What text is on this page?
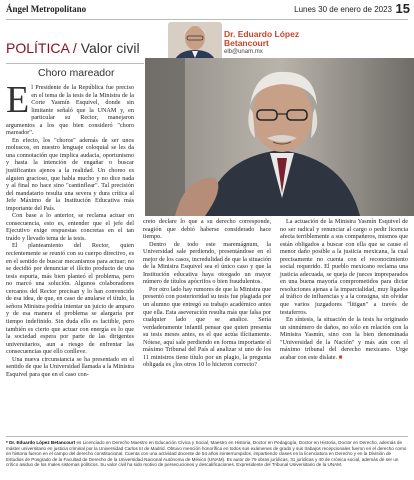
Ángel Metropolitano	Lunes 30 de enero de 2023 15
POLÍTICA / Valor civil
Dr. Eduardo López Betancourt
elb@unam.mx
Choro mareador
E l Presidente de la República fue preciso en el tema de la tesis de la Ministra de la Corte Yasmín Esquivel, donde sin limitante señaló que la UNAM y, en particular su Rector, manejaron argumentos a los que bien consideró "choro mareador".

En efecto, los "choros" además de ser unos moluscos, en nuestro lenguaje coloquial se les da una connotación que implica audacia, oportunismo y hasta la intención de engañar o buscar justificantes ajenos a la realidad. Un choreo es alguien gracioso, que habla mucho y no dice nada y al final no hace sino "cantinflear". Tal precisión del mandatario resulta una severa y dura crítica al Jefe Máximo de la Institución Educativa más importante del País.

Con base a lo anterior, se reclama actuar en consecuencia, esto es, entender que el jefe del Ejecutivo exige respuestas concretas en el tan traído y llevado tema de la tesis.

El planteamiento del Rector, quien recientemente se reunió con su cuerpo directivo, es en el sentido de buscar mecanismos para actuar; no se decidió por denunciar el ilícito producto de una tesis espuria, más bien planteó el problema, pero no marcó una solución. Algunos colaboradores cercanos del Rector precisan y lo han convencido de esa idea, de que, en caso de anularse el título, la señora Ministra podría intentar un juicio de amparo y de esa manera el problema se alargaría por tiempo indefinido. Sin duda ello es factible, pero también es cierto que actuar con energía es lo que la sociedad espera por parte de las dirigentes universitarios, aun a riesgo de enfrentar las consecuencias que ello conlleve.

Una nueva circunstancia se ha presentado en el sentido de que la Universidad llamada a la Ministra Esquivel para que en el caso con-

creto declare lo que a su derecho corresponde, reagión que debió haberse considerado hace tiempo.

Dentro de todo este maremágnum, la Universidad sale perdiendo, presentándose en el mejor de los casos, incredulidad de que la situación de la Ministra Esquivel sea el único caso y que la Institución educativa haya otorgado un mayor número de títulos apócrifos o bien fraudulentos.

Por otro lado hay rumores de que la Ministra que presentó con posterioridad su tesis fue plagiada por un alumno que entregó su trabajo académico antes que ella. Esta aseveración resulta más que falsa por cualquier lado que se analice. Sería verdaderamente infantil pensar que quien presenta su tesis meses antes, es el que actúa ilícitamente. Nótese, aquí sale perdiendo en forma importante el máximo Tribunal del País al analizar si uno de los 11 ministros tiene título por un plagio, la pregunta obligada es ¿los otros 10 lo hicieron correcto?

La actuación de la Ministra Yasmín Esquivel de no ser radical y renunciar al cargo o pedir licencia afecta terriblemente a sus compañeros, mismos que están obligados a buscar con ella que se cause el menor daño posible a la justicia mexicana, la cual precisamente no cuenta con el reconocimiento social requerido. El pueblo mexicano reclama una justicia adecuada, se queja de jueces impreparados en una buena mayoría comprometidos para dictar resoluciones ajenas a la imparcialidad, muy ligados al tráfico de influencias y a la consigna, sin olvidar que varios juzgadores "litigan" a través de testaferros.

En síntesis, la situación de la tesis ha originado un sinnúmero de daños, no sólo en relación con la Ministra Yasmín, sino con la bien denominada "Universidad de la Nación" y más aún con el máximo tribunal del derecho mexicano. Urge acabar con este dislate. ■

* Dr. Eduardo López Betancourt es Licenciado en Derecho Maestro en Educación Cívica y Social, Maestro en Historia, Doctor en Pedagogía, Doctor en Historia, Doctor en Derecho, además de máster universitario en justicia criminal por la Universidad Carlos III de Madrid. Obtuvo mención honorífica en todos sus exámenes de grado y sus trabajos recepcionales fueron en el derecho como en historia fueron en el campo del derecho constitucional. Cuenta con una actividad docente de 54 años ininterrumpidos, impartiendo clases en la licenciatura en Derecho y en la División de Estudios de Posgrado de la Facultad de Derecho de la Universidad Nacional Autónoma de México (UNAM). Es autor de 79 obras jurídicas, 31 jurídicas y 40 de crónica social, además de ser un crítico asiduo de los males sistemas políticos. Su valor civil ha sido motivo de persecuciones y descalificaciones. Expresidente del Tribunal Universitario de la UNAM.
